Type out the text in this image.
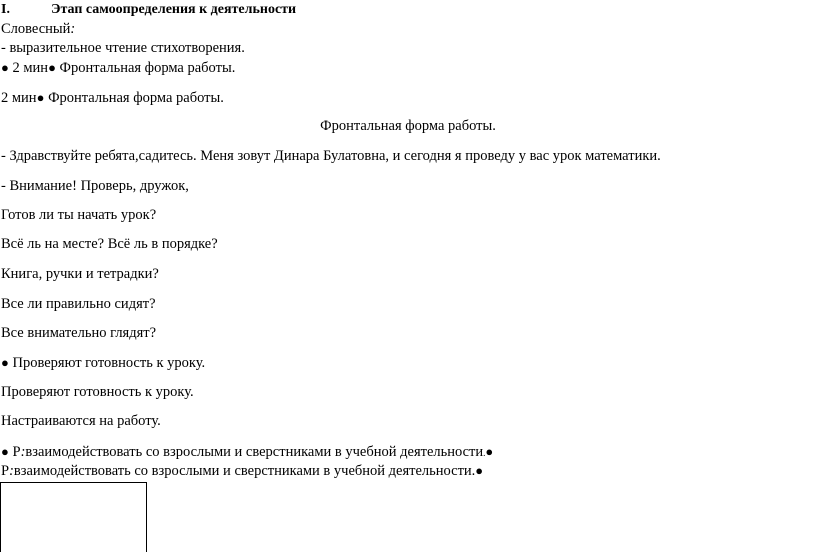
I.	Этап самоопределения к деятельности
Словесный:
- выразительное чтение стихотворения.
● 2 мин● Фронтальная форма работы.
2 мин● Фронтальная форма работы.
Фронтальная форма работы.
- Здравствуйте ребята,садитесь. Меня зовут Динара Булатовна, и сегодня я проведу у вас урок математики.
- Внимание! Проверь, дружок,
Готов ли ты начать урок?
Всё ль на месте? Всё ль в порядке?
Книга, ручки и тетрадки?
Все ли правильно сидят?
Все внимательно глядят?
● Проверяют готовность к уроку.
Проверяют готовность к уроку.
Настраиваются на работу.
● Р:взаимодействовать со взрослыми и сверстниками в учебной деятельности.●
Р:взаимодействовать со взрослыми и сверстниками в учебной деятельности.●
